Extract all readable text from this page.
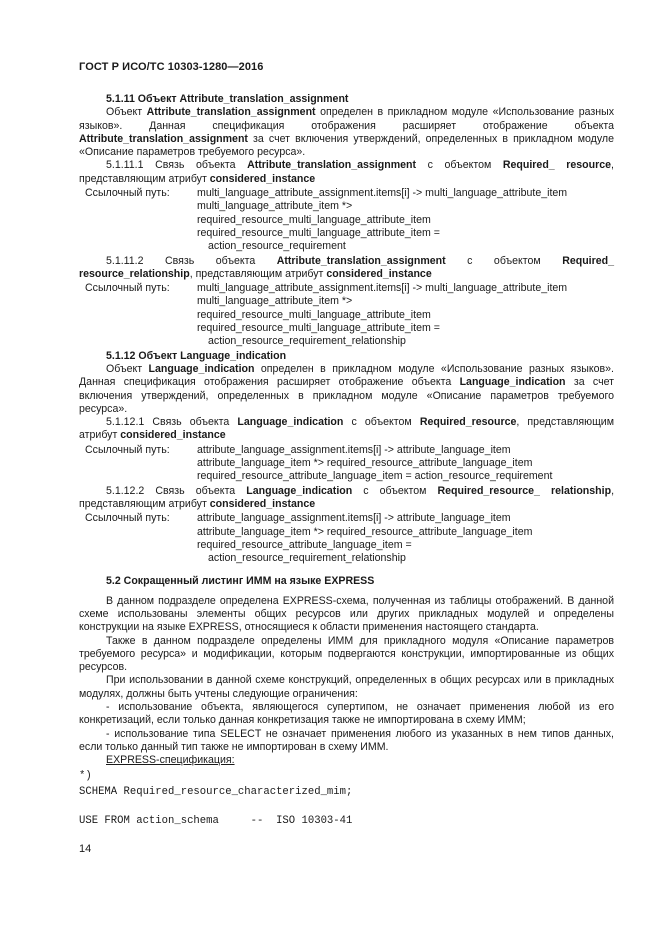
ГОСТ Р ИСО/ТС 10303-1280—2016

5.1.11 Объект Attribute_translation_assignment

Объект Attribute_translation_assignment определен в прикладном модуле «Использование разных языков». Данная спецификация отображения расширяет отображение объекта Attribute_translation_assignment за счет включения утверждений, определенных в прикладном модуле «Описание параметров требуемого ресурса».

5.1.11.1 Связь объекта Attribute_translation_assignment с объектом Required_ resource, представляющим атрибут considered_instance

Ссылочный путь:	multi_language_attribute_assignment.items[i] -> multi_language_attribute_item
multi_language_attribute_item *>
required_resource_multi_language_attribute_item
required_resource_multi_language_attribute_item =
action_resource_requirement

5.1.11.2 Связь объекта Attribute_translation_assignment с объектом Required_ resource_relationship, представляющим атрибут considered_instance

Ссылочный путь:	multi_language_attribute_assignment.items[i] -> multi_language_attribute_item
multi_language_attribute_item *>
required_resource_multi_language_attribute_item
required_resource_multi_language_attribute_item =
action_resource_requirement_relationship

5.1.12 Объект Language_indication

Объект Language_indication определен в прикладном модуле «Использование разных языков». Данная спецификация отображения расширяет отображение объекта Language_indication за счет включения утверждений, определенных в прикладном модуле «Описание параметров требуемого ресурса».

5.1.12.1 Связь объекта Language_indication с объектом Required_resource, представляющим атрибут considered_instance

Ссылочный путь:	attribute_language_assignment.items[i] -> attribute_language_item
attribute_language_item *> required_resource_attribute_language_item
required_resource_attribute_language_item = action_resource_requirement

5.1.12.2 Связь объекта Language_indication с объектом Required_resource_ relationship, представляющим атрибут considered_instance

Ссылочный путь:	attribute_language_assignment.items[i] -> attribute_language_item
attribute_language_item *> required_resource_attribute_language_item
required_resource_attribute_language_item =
action_resource_requirement_relationship

5.2 Сокращенный листинг ИММ на языке EXPRESS

В данном подразделе определена EXPRESS-схема, полученная из таблицы отображений. В данной схеме использованы элементы общих ресурсов или других прикладных модулей и определены конструкции на языке EXPRESS, относящиеся к области применения настоящего стандарта.

Также в данном подразделе определены ИММ для прикладного модуля «Описание параметров требуемого ресурса» и модификации, которым подвергаются конструкции, импортированные из общих ресурсов.

При использовании в данной схеме конструкций, определенных в общих ресурсах или в прикладных модулях, должны быть учтены следующие ограничения:

- использование объекта, являющегося супертипом, не означает применения любой из его конкретизаций, если только данная конкретизация также не импортирована в схему ИММ;

- использование типа SELECT не означает применения любого из указанных в нем типов данных, если только данный тип также не импортирован в схему ИММ.

EXPRESS-спецификация:

*)
SCHEMA Required_resource_characterized_mim;
USE FROM action_schema     --  ISO 10303-41
14
